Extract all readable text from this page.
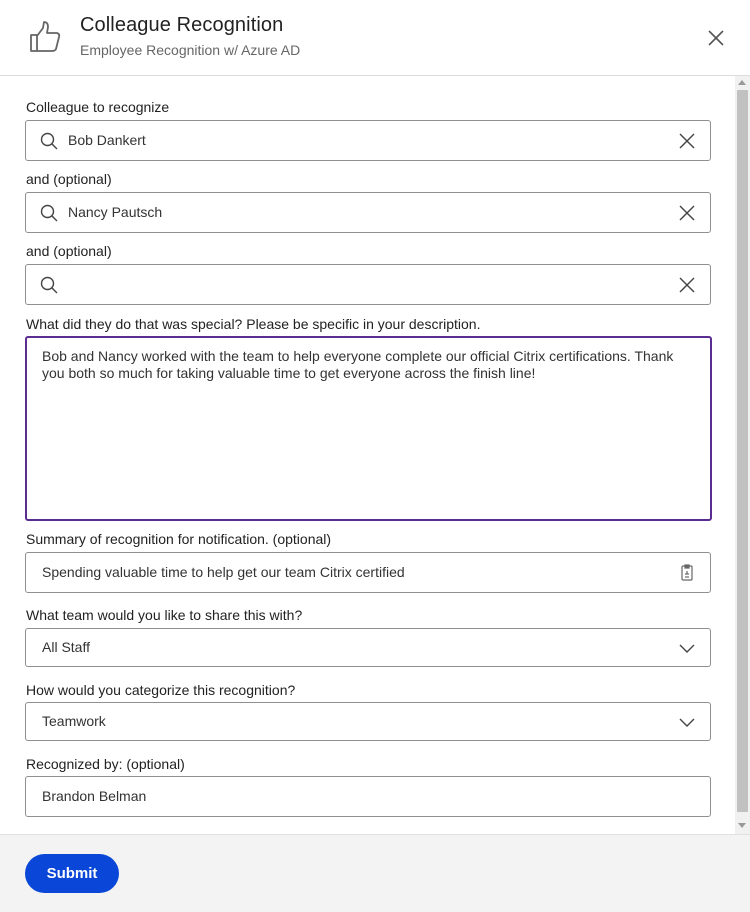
Colleague Recognition
Employee Recognition w/ Azure AD
Colleague to recognize
Bob Dankert
and (optional)
Nancy Pautsch
and (optional)
What did they do that was special? Please be specific in your description.
Bob and Nancy worked with the team to help everyone complete our official Citrix certifications. Thank you both so much for taking valuable time to get everyone across the finish line!
Summary of recognition for notification. (optional)
Spending valuable time to help get our team Citrix certified
What team would you like to share this with?
All Staff
How would you categorize this recognition?
Teamwork
Recognized by: (optional)
Brandon Belman
Submit
